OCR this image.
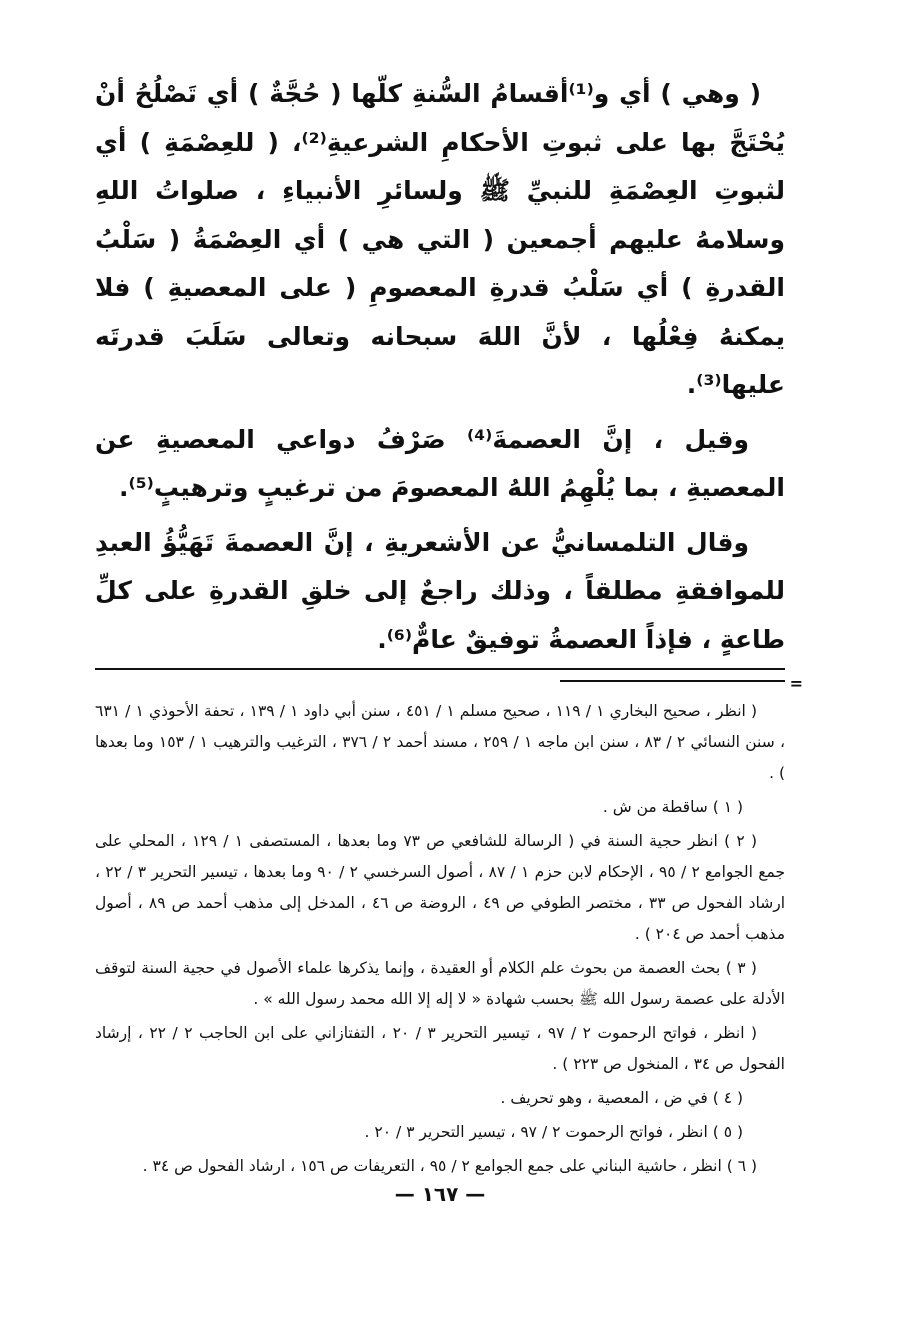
( وهي ) أي و⁽¹⁾أقسامُ السُّنةِ كلّها ( حُجَّةٌ ) أي تَصْلُحُ أنْ يُحْتَجَّ بها على ثبوتِ الأحكامِ الشرعيةِ⁽²⁾، ( للعِصْمَةِ ) أي لثبوتِ العِصْمَةِ للنبيِّ ﷺ ولسائرِ الأنبياءِ ، صلواتُ اللهِ وسلامهُ عليهم أجمعين ( التي هي ) أي العِصْمَةُ ( سَلْبُ القدرةِ ) أي سَلْبُ قدرةِ المعصومِ ( على المعصيةِ ) فلا يمكنهُ فِعْلُها ، لأنَّ اللهَ سبحانه وتعالى سَلَبَ قدرتَه عليها⁽³⁾.

وقيل ، إنَّ العصمةَ⁽⁴⁾ صَرْفُ دواعي المعصيةِ عن المعصيةِ ، بما يُلْهِمُ اللهُ المعصومَ من ترغيبٍ وترهيبٍ⁽⁵⁾.

وقال التلمسانيُّ عن الأشعريةِ ، إنَّ العصمةَ تَهَيُّؤُ العبدِ للموافقةِ مطلقاً ، وذلك راجعٌ إلى خلقِ القدرةِ على كلِّ طاعةٍ ، فإذاً العصمةُ توفيقٌ عامٌّ⁽⁶⁾.

=

( انظر ، صحيح البخاري ١ / ١١٩ ، صحيح مسلم ١ / ٤٥١ ، سنن أبي داود ١ / ١٣٩ ، تحفة الأحوذي ١ / ٦٣١ ، سنن النسائي ٢ / ٨٣ ، سنن ابن ماجه ١ / ٢٥٩ ، مسند أحمد ٢ / ٣٧٦ ، الترغيب والترهيب ١ / ١٥٣ وما بعدها ) .

( ١ ) ساقطة من ش .

( ٢ ) انظر حجية السنة في ( الرسالة للشافعي ص ٧٣ وما بعدها ، المستصفى ١ / ١٢٩ ، المحلي على جمع الجوامع ٢ / ٩٥ ، الإحكام لابن حزم ١ / ٨٧ ، أصول السرخسي ٢ / ٩٠ وما بعدها ، تيسير التحرير ٣ / ٢٢ ، ارشاد الفحول ص ٣٣ ، مختصر الطوفي ص ٤٩ ، الروضة ص ٤٦ ، المدخل إلى مذهب أحمد ص ٨٩ ، أصول مذهب أحمد ص ٢٠٤ ) .

( ٣ ) بحث العصمة من بحوث علم الكلام أو العقيدة ، وإنما يذكرها علماء الأصول في حجية السنة لتوقف الأدلة على عصمة رسول الله ﷺ بحسب شهادة « لا إله إلا الله محمد رسول الله » .

( انظر ، فواتح الرحموت ٢ / ٩٧ ، تيسير التحرير ٣ / ٢٠ ، التفتازاني على ابن الحاجب ٢ / ٢٢ ، إرشاد الفحول ص ٣٤ ، المنخول ص ٢٢٣ ) .

( ٤ ) في ض ، المعصية ، وهو تحريف .

( ٥ ) انظر ، فواتح الرحموت ٢ / ٩٧ ، تيسير التحرير ٣ / ٢٠ .

( ٦ ) انظر ، حاشية البناني على جمع الجوامع ٢ / ٩٥ ، التعريفات ص ١٥٦ ، ارشاد الفحول ص ٣٤ .

— ١٦٧ —
